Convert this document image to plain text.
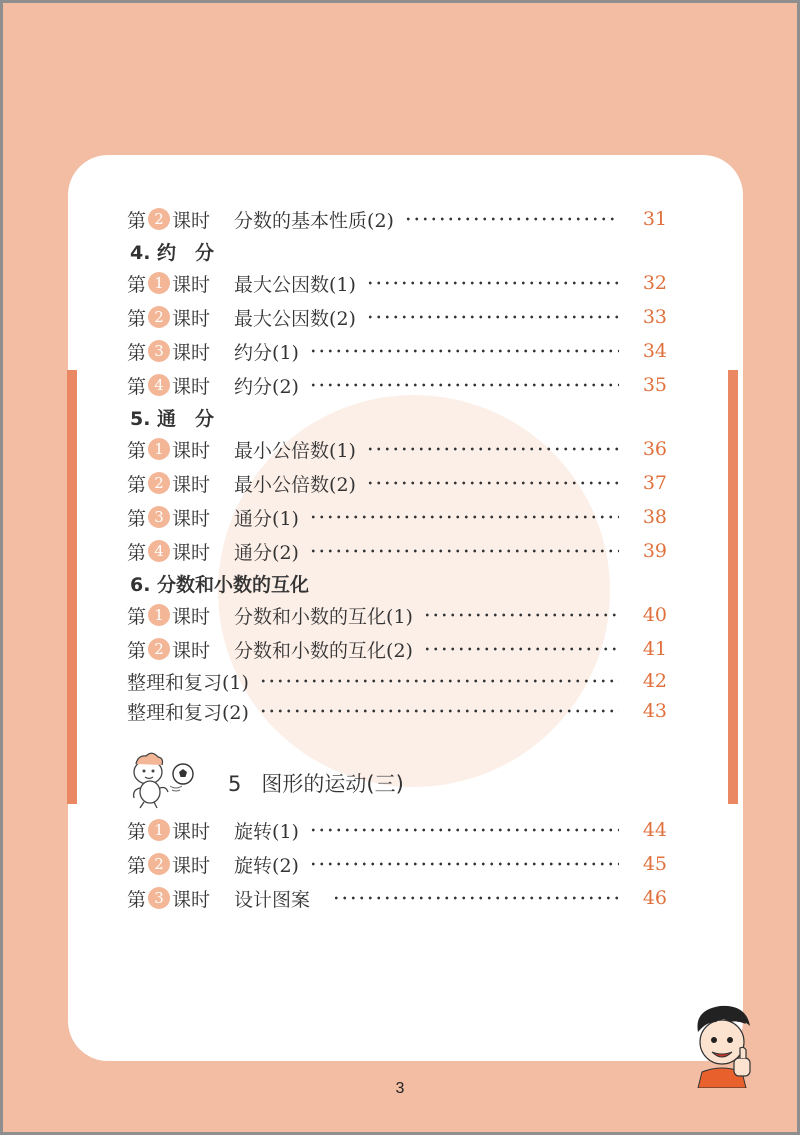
第 2 课时 分数的基本性质(2)	31
4. 约　分
第 1 课时 最大公因数(1)	32
第 2 课时 最大公因数(2)	33
第 3 课时 约分(1)	34
第 4 课时 约分(2)	35
5. 通　分
第 1 课时 最小公倍数(1)	36
第 2 课时 最小公倍数(2)	37
第 3 课时 通分(1)	38
第 4 课时 通分(2)	39
6. 分数和小数的互化
第 1 课时 分数和小数的互化(1)	40
第 2 课时 分数和小数的互化(2)	41
整理和复习(1)	42
整理和复习(2)	43
5 图形的运动(三)
第 1 课时 旋转(1)	44
第 2 课时 旋转(2)	45
第 3 课时 设计图案	46
3
